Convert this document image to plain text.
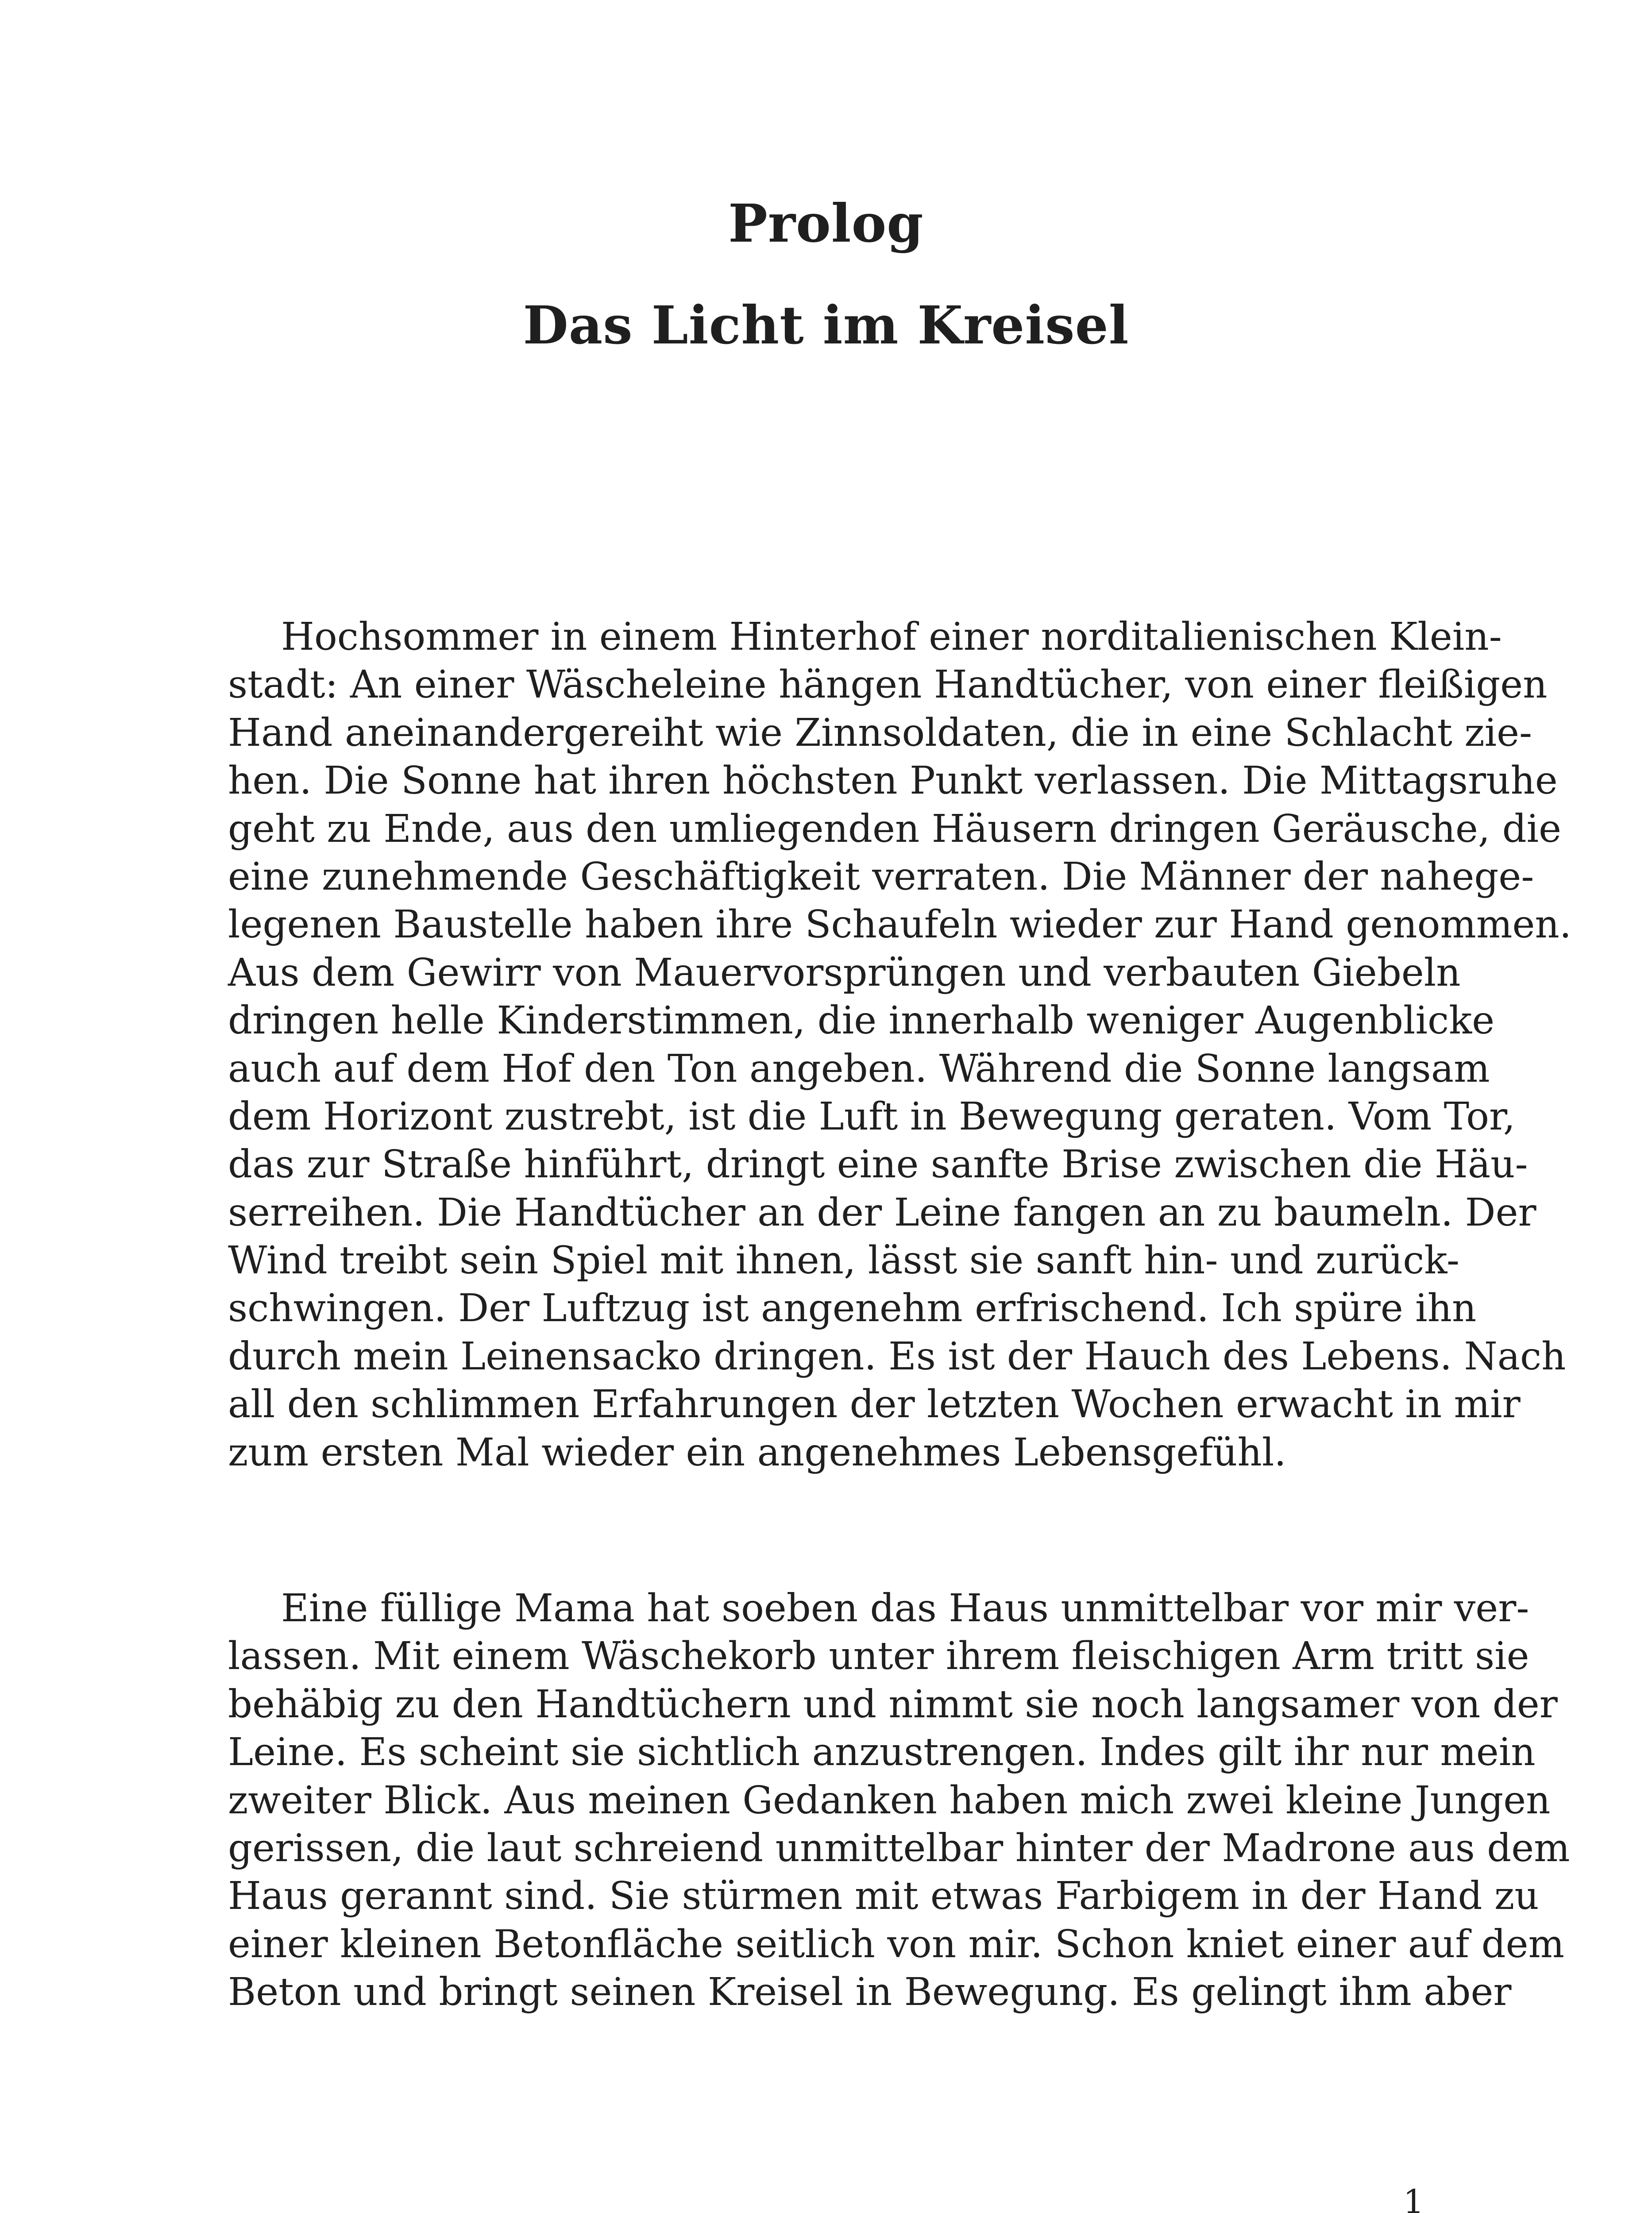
Prolog
Das Licht im Kreisel
Hochsommer in einem Hinterhof einer norditalienischen Klein-
stadt: An einer Wäscheleine hängen Handtücher, von einer fleißigen
Hand aneinandergereiht wie Zinnsoldaten, die in eine Schlacht zie-
hen. Die Sonne hat ihren höchsten Punkt verlassen. Die Mittagsruhe
geht zu Ende, aus den umliegenden Häusern dringen Geräusche, die
eine zunehmende Geschäftigkeit verraten. Die Männer der nahege-
legenen Baustelle haben ihre Schaufeln wieder zur Hand genommen.
Aus dem Gewirr von Mauervorsprüngen und verbauten Giebeln
dringen helle Kinderstimmen, die innerhalb weniger Augenblicke
auch auf dem Hof den Ton angeben. Während die Sonne langsam
dem Horizont zustrebt, ist die Luft in Bewegung geraten. Vom Tor,
das zur Straße hinführt, dringt eine sanfte Brise zwischen die Häu-
serreihen. Die Handtücher an der Leine fangen an zu baumeln. Der
Wind treibt sein Spiel mit ihnen, lässt sie sanft hin- und zurück-
schwingen. Der Luftzug ist angenehm erfrischend. Ich spüre ihn
durch mein Leinensacko dringen. Es ist der Hauch des Lebens. Nach
all den schlimmen Erfahrungen der letzten Wochen erwacht in mir
zum ersten Mal wieder ein angenehmes Lebensgefühl.
Eine füllige Mama hat soeben das Haus unmittelbar vor mir ver-
lassen. Mit einem Wäschekorb unter ihrem fleischigen Arm tritt sie
behäbig zu den Handtüchern und nimmt sie noch langsamer von der
Leine. Es scheint sie sichtlich anzustrengen. Indes gilt ihr nur mein
zweiter Blick. Aus meinen Gedanken haben mich zwei kleine Jungen
gerissen, die laut schreiend unmittelbar hinter der Madrone aus dem
Haus gerannt sind. Sie stürmen mit etwas Farbigem in der Hand zu
einer kleinen Betonfläche seitlich von mir. Schon kniet einer auf dem
Beton und bringt seinen Kreisel in Bewegung. Es gelingt ihm aber
1
